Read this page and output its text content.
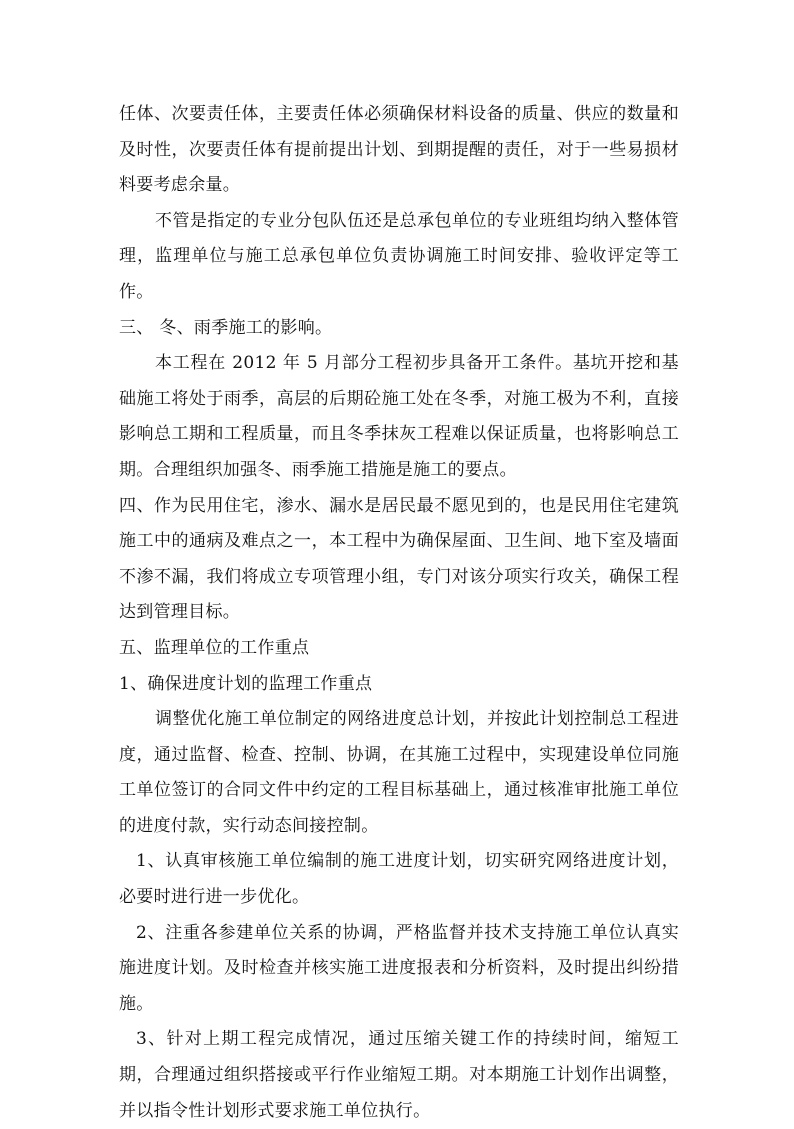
任体、次要责任体，主要责任体必须确保材料设备的质量、供应的数量和及时性，次要责任体有提前提出计划、到期提醒的责任，对于一些易损材料要考虑余量。

不管是指定的专业分包队伍还是总承包单位的专业班组均纳入整体管理，监理单位与施工总承包单位负责协调施工时间安排、验收评定等工作。

三、 冬、雨季施工的影响。

本工程在 2012 年 5 月部分工程初步具备开工条件。基坑开挖和基础施工将处于雨季，高层的后期砼施工处在冬季，对施工极为不利，直接影响总工期和工程质量，而且冬季抹灰工程难以保证质量，也将影响总工期。合理组织加强冬、雨季施工措施是施工的要点。

四、作为民用住宅，渗水、漏水是居民最不愿见到的，也是民用住宅建筑施工中的通病及难点之一，本工程中为确保屋面、卫生间、地下室及墙面不渗不漏，我们将成立专项管理小组，专门对该分项实行攻关，确保工程达到管理目标。

五、监理单位的工作重点

1、确保进度计划的监理工作重点

调整优化施工单位制定的网络进度总计划，并按此计划控制总工程进度，通过监督、检查、控制、协调，在其施工过程中，实现建设单位同施工单位签订的合同文件中约定的工程目标基础上，通过核准审批施工单位的进度付款，实行动态间接控制。

1、认真审核施工单位编制的施工进度计划，切实研究网络进度计划，必要时进行进一步优化。

2、注重各参建单位关系的协调，严格监督并技术支持施工单位认真实施进度计划。及时检查并核实施工进度报表和分析资料，及时提出纠纷措施。

3、针对上期工程完成情况，通过压缩关键工作的持续时间，缩短工期，合理通过组织搭接或平行作业缩短工期。对本期施工计划作出调整，并以指令性计划形式要求施工单位执行。
